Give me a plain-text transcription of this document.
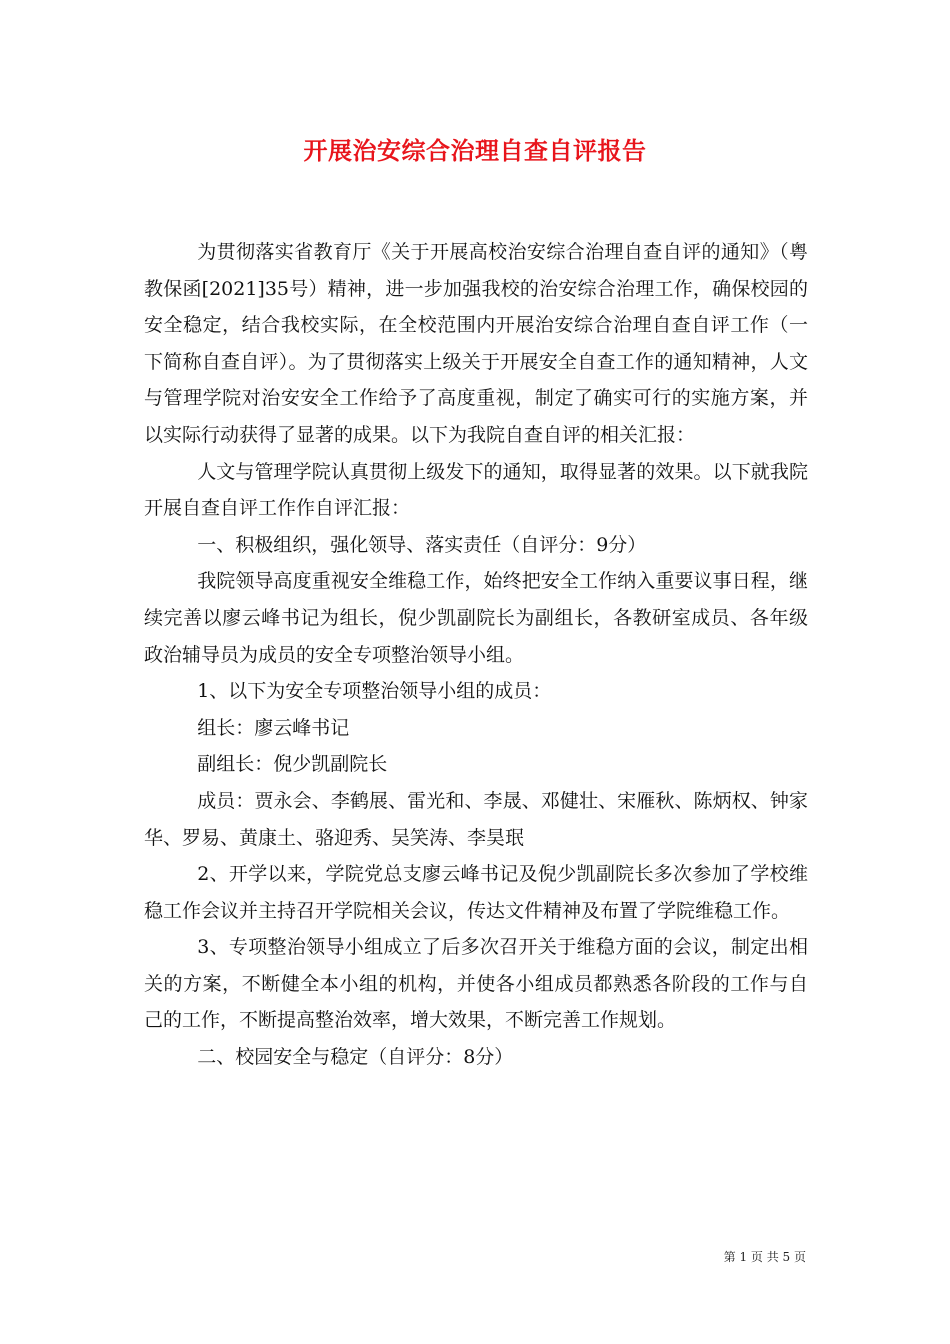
开展治安综合治理自查自评报告

为贯彻落实省教育厅《关于开展高校治安综合治理自查自评的通知》（粤教保函[2021]35号）精神，进一步加强我校的治安综合治理工作，确保校园的安全稳定，结合我校实际，在全校范围内开展治安综合治理自查自评工作（一下简称自查自评）。为了贯彻落实上级关于开展安全自查工作的通知精神，人文与管理学院对治安安全工作给予了高度重视，制定了确实可行的实施方案，并以实际行动获得了显著的成果。以下为我院自查自评的相关汇报：

人文与管理学院认真贯彻上级发下的通知，取得显著的效果。以下就我院开展自查自评工作作自评汇报：

一、积极组织，强化领导、落实责任（自评分：9分）

我院领导高度重视安全维稳工作，始终把安全工作纳入重要议事日程，继续完善以廖云峰书记为组长，倪少凯副院长为副组长，各教研室成员、各年级政治辅导员为成员的安全专项整治领导小组。

1、以下为安全专项整治领导小组的成员：

组长：廖云峰书记

副组长：倪少凯副院长

成员：贾永会、李鹤展、雷光和、李晟、邓健壮、宋雁秋、陈炳权、钟家华、罗易、黄康土、骆迎秀、吴笑涛、李昊珉

2、开学以来，学院党总支廖云峰书记及倪少凯副院长多次参加了学校维稳工作会议并主持召开学院相关会议，传达文件精神及布置了学院维稳工作。

3、专项整治领导小组成立了后多次召开关于维稳方面的会议，制定出相关的方案，不断健全本小组的机构，并使各小组成员都熟悉各阶段的工作与自己的工作，不断提高整治效率，增大效果，不断完善工作规划。

二、校园安全与稳定（自评分：8分）

第 1 页 共 5 页
